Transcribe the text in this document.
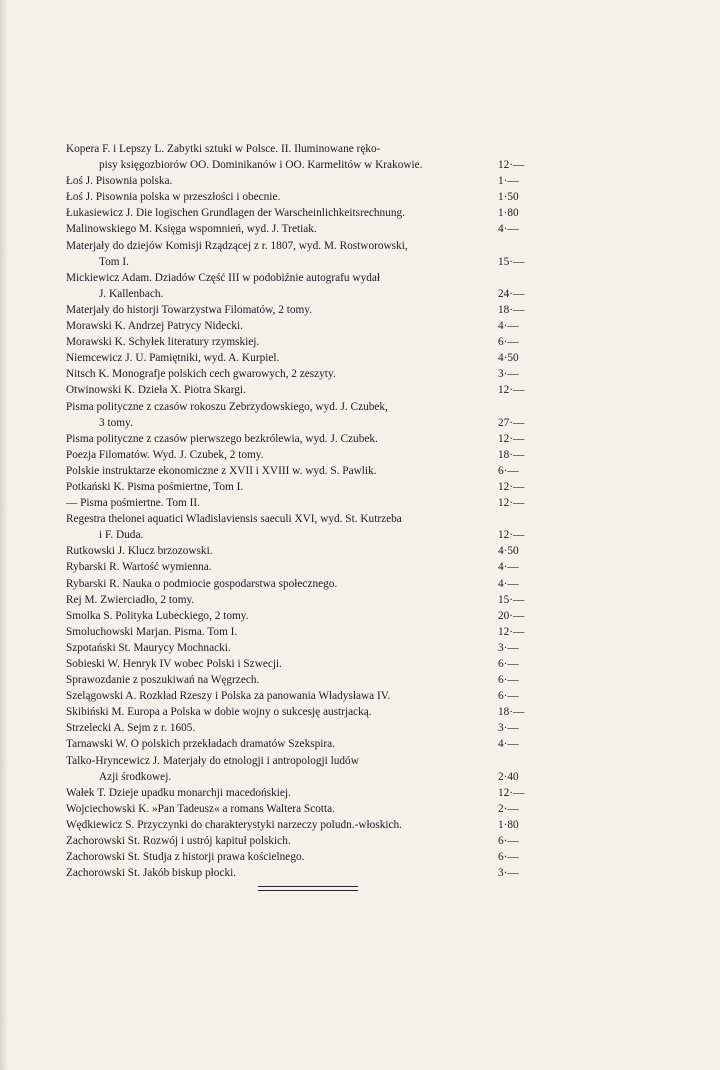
Kopera F. i Lepszy L. Zabytki sztuki w Polsce. II. Iluminowane ręko-
pisy księgozbiorów OO. Dominikanów i OO. Karmelitów w Krakowie.	12·—
Łoś J. Pisownia polska.	1·—
Łoś J. Pisownia polska w przeszłości i obecnie.	1·50
Łukasiewicz J. Die logischen Grundlagen der Warscheinlichkeitsrechnung.	1·80
Malinowskiego M. Księga wspomnień, wyd. J. Tretiak.	4·—
Materjały do dziejów Komisji Rządzącej z r. 1807, wyd. M. Rostworowski,
Tom I.	15·—
Mickiewicz Adam. Dziadów Część III w podobiźnie autografu wydał
J. Kallenbach.	24·—
Materjały do historji Towarzystwa Filomatów, 2 tomy.	18·—
Morawski K. Andrzej Patrycy Nidecki.	4·—
Morawski K. Schyłek literatury rzymskiej.	6·—
Niemcewicz J. U. Pamiętniki, wyd. A. Kurpiel.	4·50
Nitsch K. Monografje polskich cech gwarowych, 2 zeszyty.	3·—
Otwinowski K. Dzieła X. Piotra Skargi.	12·—
Pisma polityczne z czasów rokoszu Zebrzydowskiego, wyd. J. Czubek,
3 tomy.	27·—
Pisma polityczne z czasów pierwszego bezkrólewia, wyd. J. Czubek.	12·—
Poezja Filomatów. Wyd. J. Czubek, 2 tomy.	18·—
Polskie instruktarze ekonomiczne z XVII i XVIII w. wyd. S. Pawlik.	6·—
Potkański K. Pisma pośmiertne, Tom I.	12·—
— Pisma pośmiertne. Tom II.	12·—
Regestra thelonei aquatici Wladislaviensis saeculi XVI, wyd. St. Kutrzeba
i F. Duda.	12·—
Rutkowski J. Klucz brzozowski.	4·50
Rybarski R. Wartość wymienna.	4·—
Rybarski R. Nauka o podmiocie gospodarstwa społecznego.	4·—
Rej M. Zwierciadło, 2 tomy.	15·—
Smolka S. Polityka Lubeckiego, 2 tomy.	20·—
Smoluchowski Marjan. Pisma. Tom I.	12·—
Szpotański St. Maurycy Mochnacki.	3·—
Sobieski W. Henryk IV wobec Polski i Szwecji.	6·—
Sprawozdanie z poszukiwań na Węgrzech.	6·—
Szelągowski A. Rozkład Rzeszy i Polska za panowania Władysława IV.	6·—
Skibiński M. Europa a Polska w dobie wojny o sukcesję austrjacką.	18·—
Strzelecki A. Sejm z r. 1605.	3·—
Tarnawski W. O polskich przekładach dramatów Szekspira.	4·—
Talko-Hryncewicz J. Materjały do etnologji i antropologji ludów
Azji środkowej.	2·40
Wałek T. Dzieje upadku monarchji macedońskiej.	12·—
Wojciechowski K. »Pan Tadeusz« a romans Waltera Scotta.	2·—
Wędkiewicz S. Przyczynki do charakterystyki narzeczy poludn.-włoskich.	1·80
Zachorowski St. Rozwój i ustrój kapituł polskich.	6·—
Zachorowski St. Studja z historji prawa kościelnego.	6·—
Zachorowski St. Jakób biskup płocki.	3·—
